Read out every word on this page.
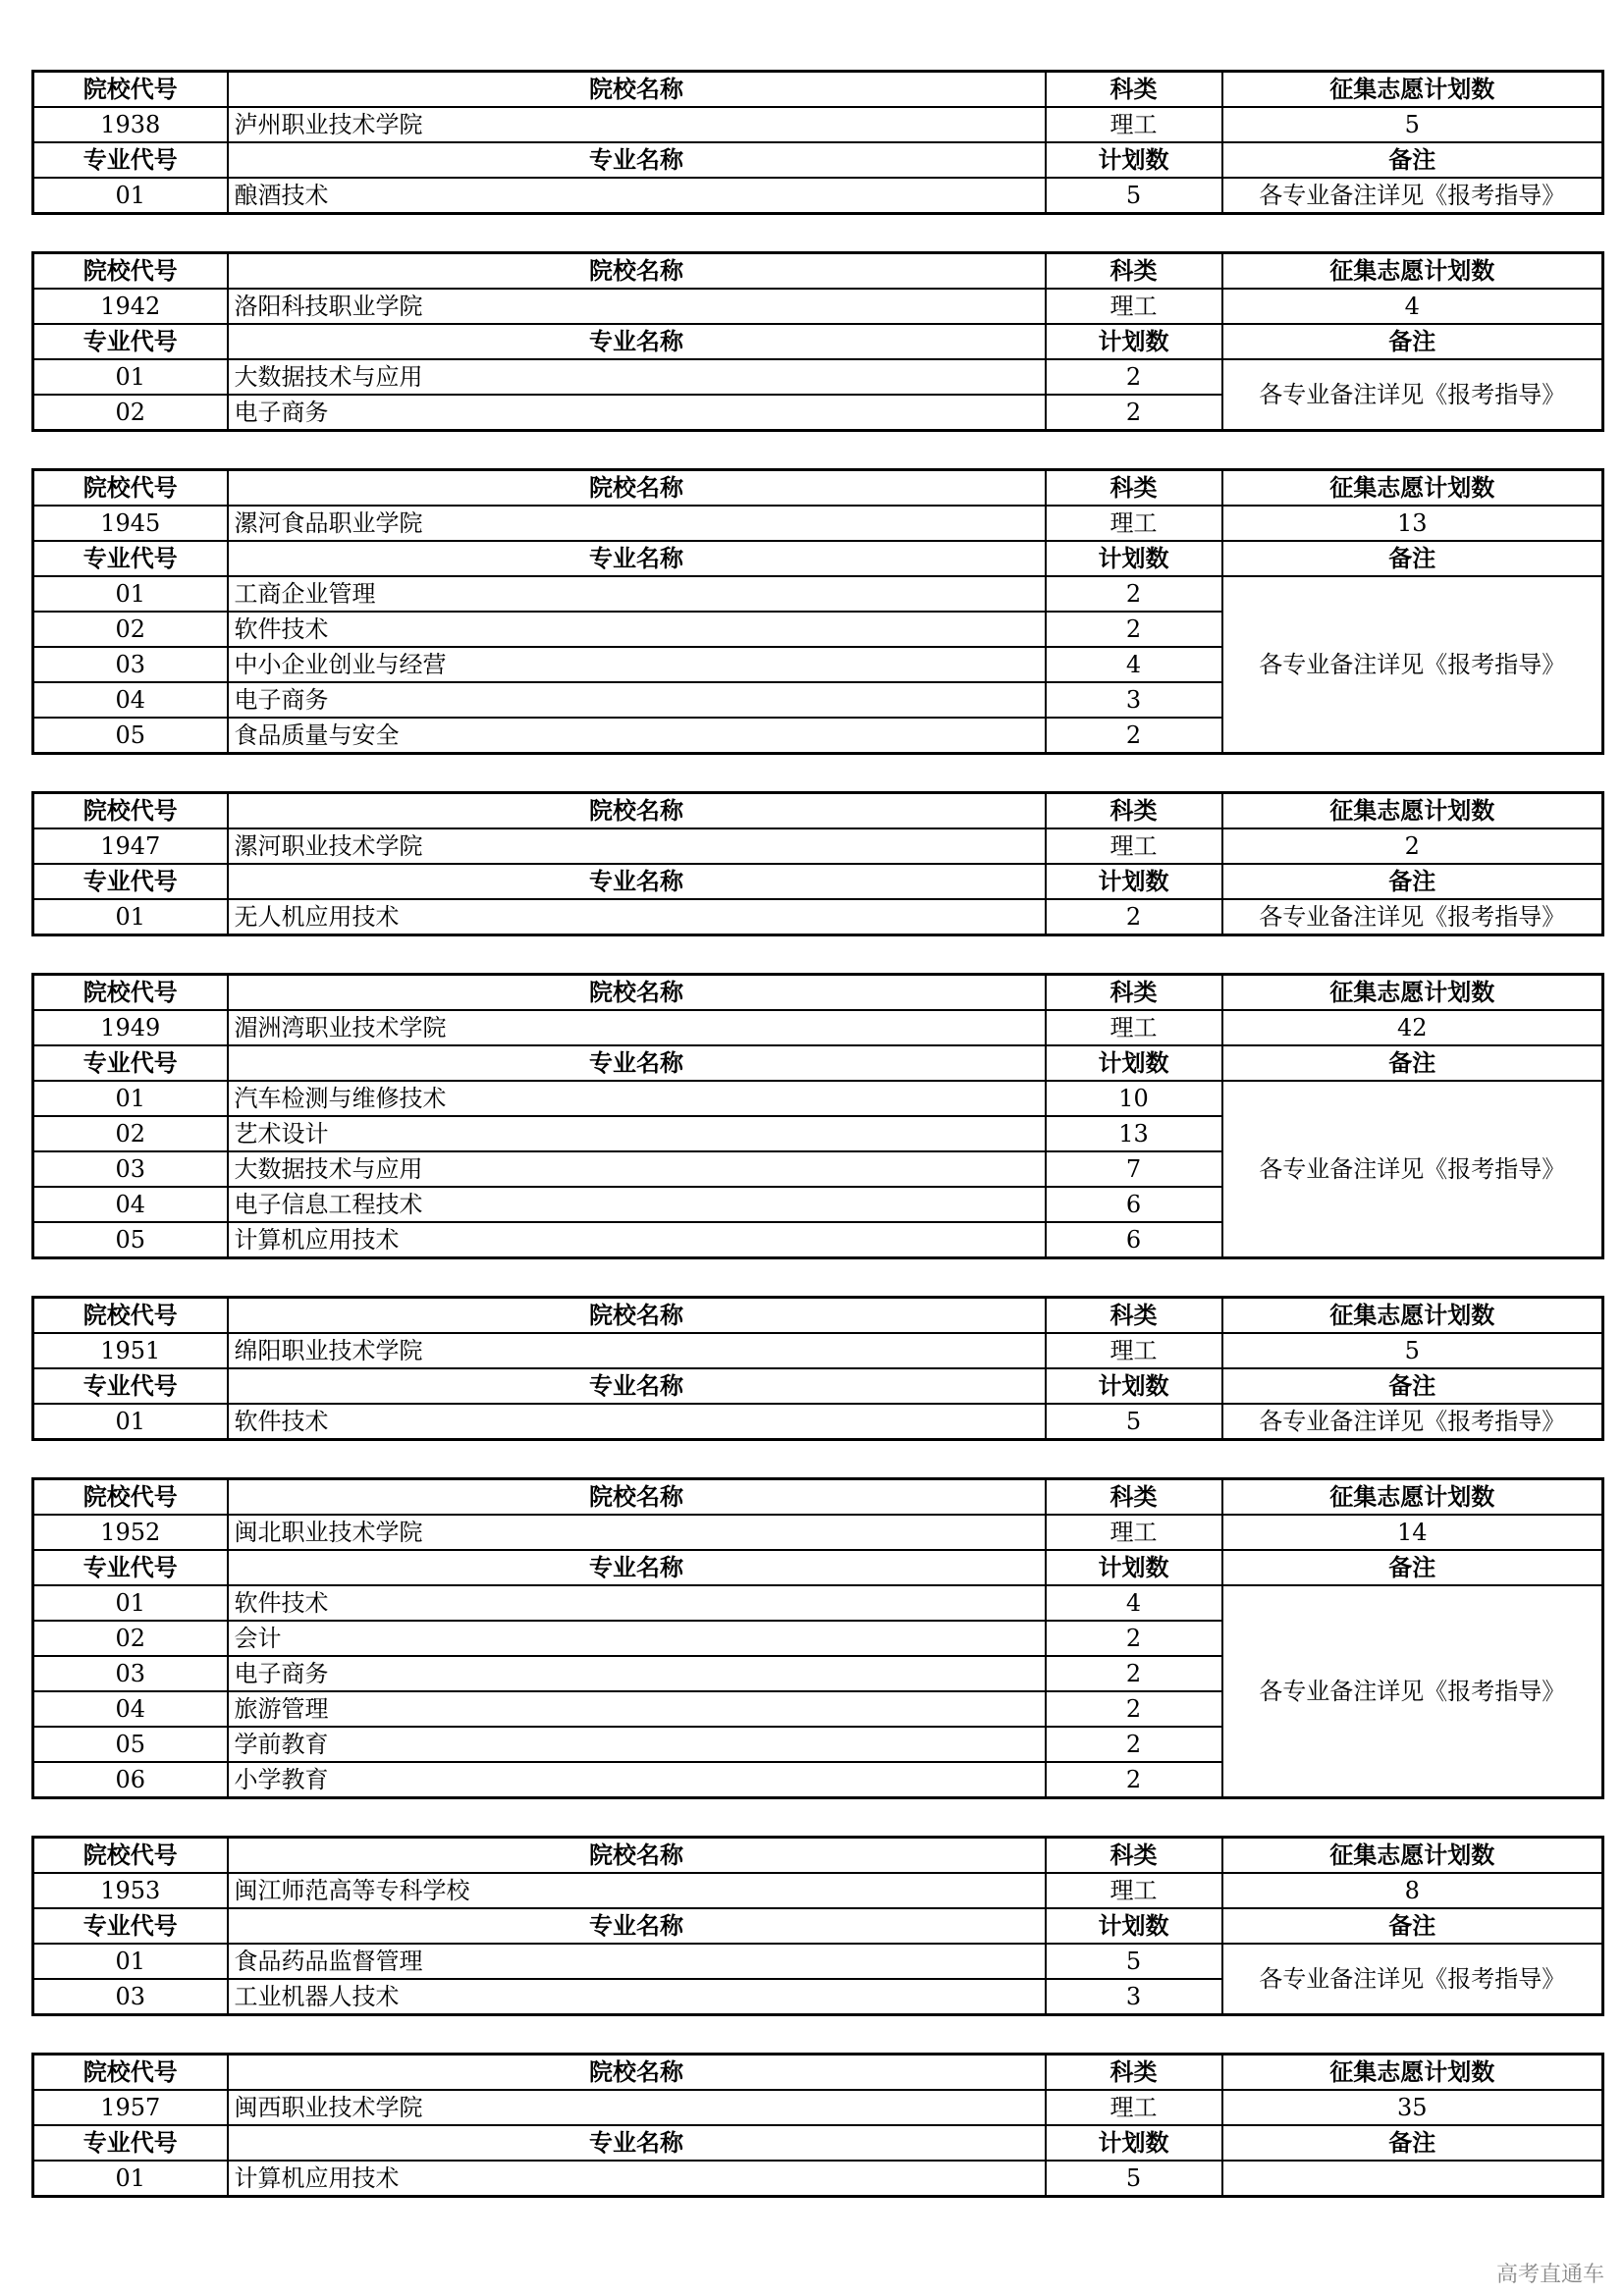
院校代号	院校名称	科类	征集志愿计划数
1938	泸州职业技术学院	理工	5
专业代号	专业名称	计划数	备注
01	酿酒技术	5	各专业备注详见《报考指导》
院校代号	院校名称	科类	征集志愿计划数
1942	洛阳科技职业学院	理工	4
专业代号	专业名称	计划数	备注
01	大数据技术与应用	2	各专业备注详见《报考指导》
02	电子商务	2	
院校代号	院校名称	科类	征集志愿计划数
1945	漯河食品职业学院	理工	13
专业代号	专业名称	计划数	备注
01	工商企业管理	2	各专业备注详见《报考指导》
02	软件技术	2	
03	中小企业创业与经营	4	
04	电子商务	3	
05	食品质量与安全	2	
院校代号	院校名称	科类	征集志愿计划数
1947	漯河职业技术学院	理工	2
专业代号	专业名称	计划数	备注
01	无人机应用技术	2	各专业备注详见《报考指导》
院校代号	院校名称	科类	征集志愿计划数
1949	湄洲湾职业技术学院	理工	42
专业代号	专业名称	计划数	备注
01	汽车检测与维修技术	10	各专业备注详见《报考指导》
02	艺术设计	13	
03	大数据技术与应用	7	
04	电子信息工程技术	6	
05	计算机应用技术	6	
院校代号	院校名称	科类	征集志愿计划数
1951	绵阳职业技术学院	理工	5
专业代号	专业名称	计划数	备注
01	软件技术	5	各专业备注详见《报考指导》
院校代号	院校名称	科类	征集志愿计划数
1952	闽北职业技术学院	理工	14
专业代号	专业名称	计划数	备注
01	软件技术	4	各专业备注详见《报考指导》
02	会计	2	
03	电子商务	2	
04	旅游管理	2	
05	学前教育	2	
06	小学教育	2	
院校代号	院校名称	科类	征集志愿计划数
1953	闽江师范高等专科学校	理工	8
专业代号	专业名称	计划数	备注
01	食品药品监督管理	5	各专业备注详见《报考指导》
03	工业机器人技术	3	
院校代号	院校名称	科类	征集志愿计划数
1957	闽西职业技术学院	理工	35
专业代号	专业名称	计划数	备注
01	计算机应用技术	5	
高考直通车
